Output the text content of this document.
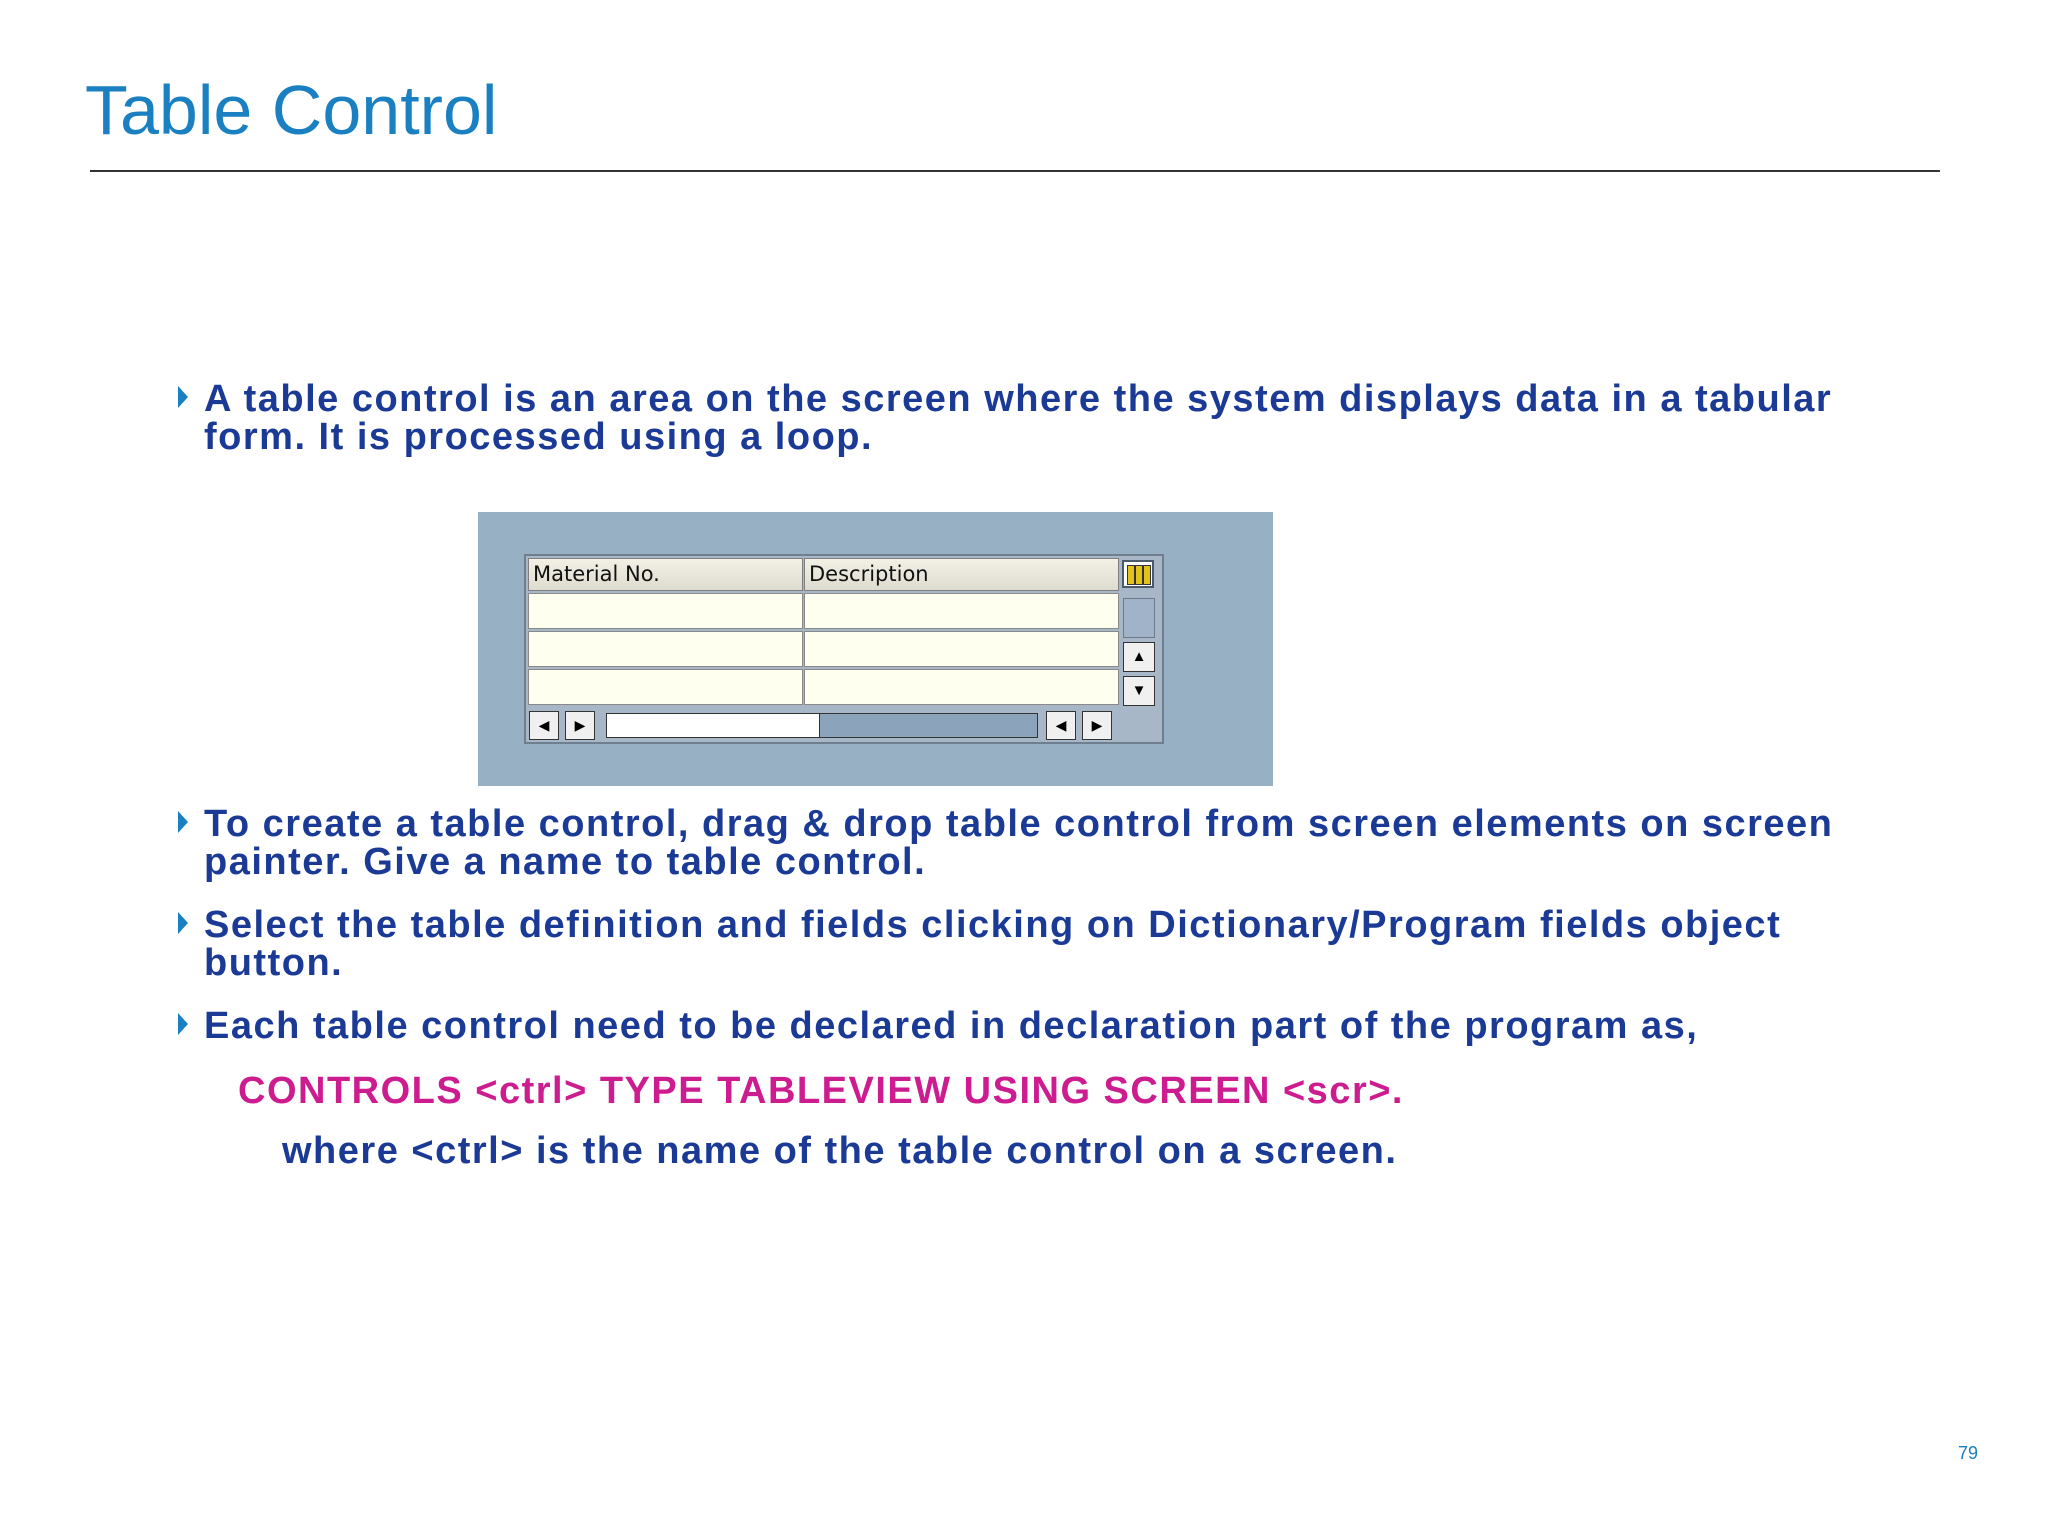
Table Control
A table control is an area on the screen where the system displays data in a tabular form. It is processed using a loop.
Material No.	Description
▲
▼
◀	▶	◀	▶
To create a table control, drag & drop table control from screen elements on screen painter. Give a name to table control.
Select the table definition and fields clicking on Dictionary/Program fields object button.
Each table control need to be declared in declaration part of the program as,
CONTROLS <ctrl> TYPE TABLEVIEW USING SCREEN <scr>.
where <ctrl> is the name of the table control on a screen.
79
